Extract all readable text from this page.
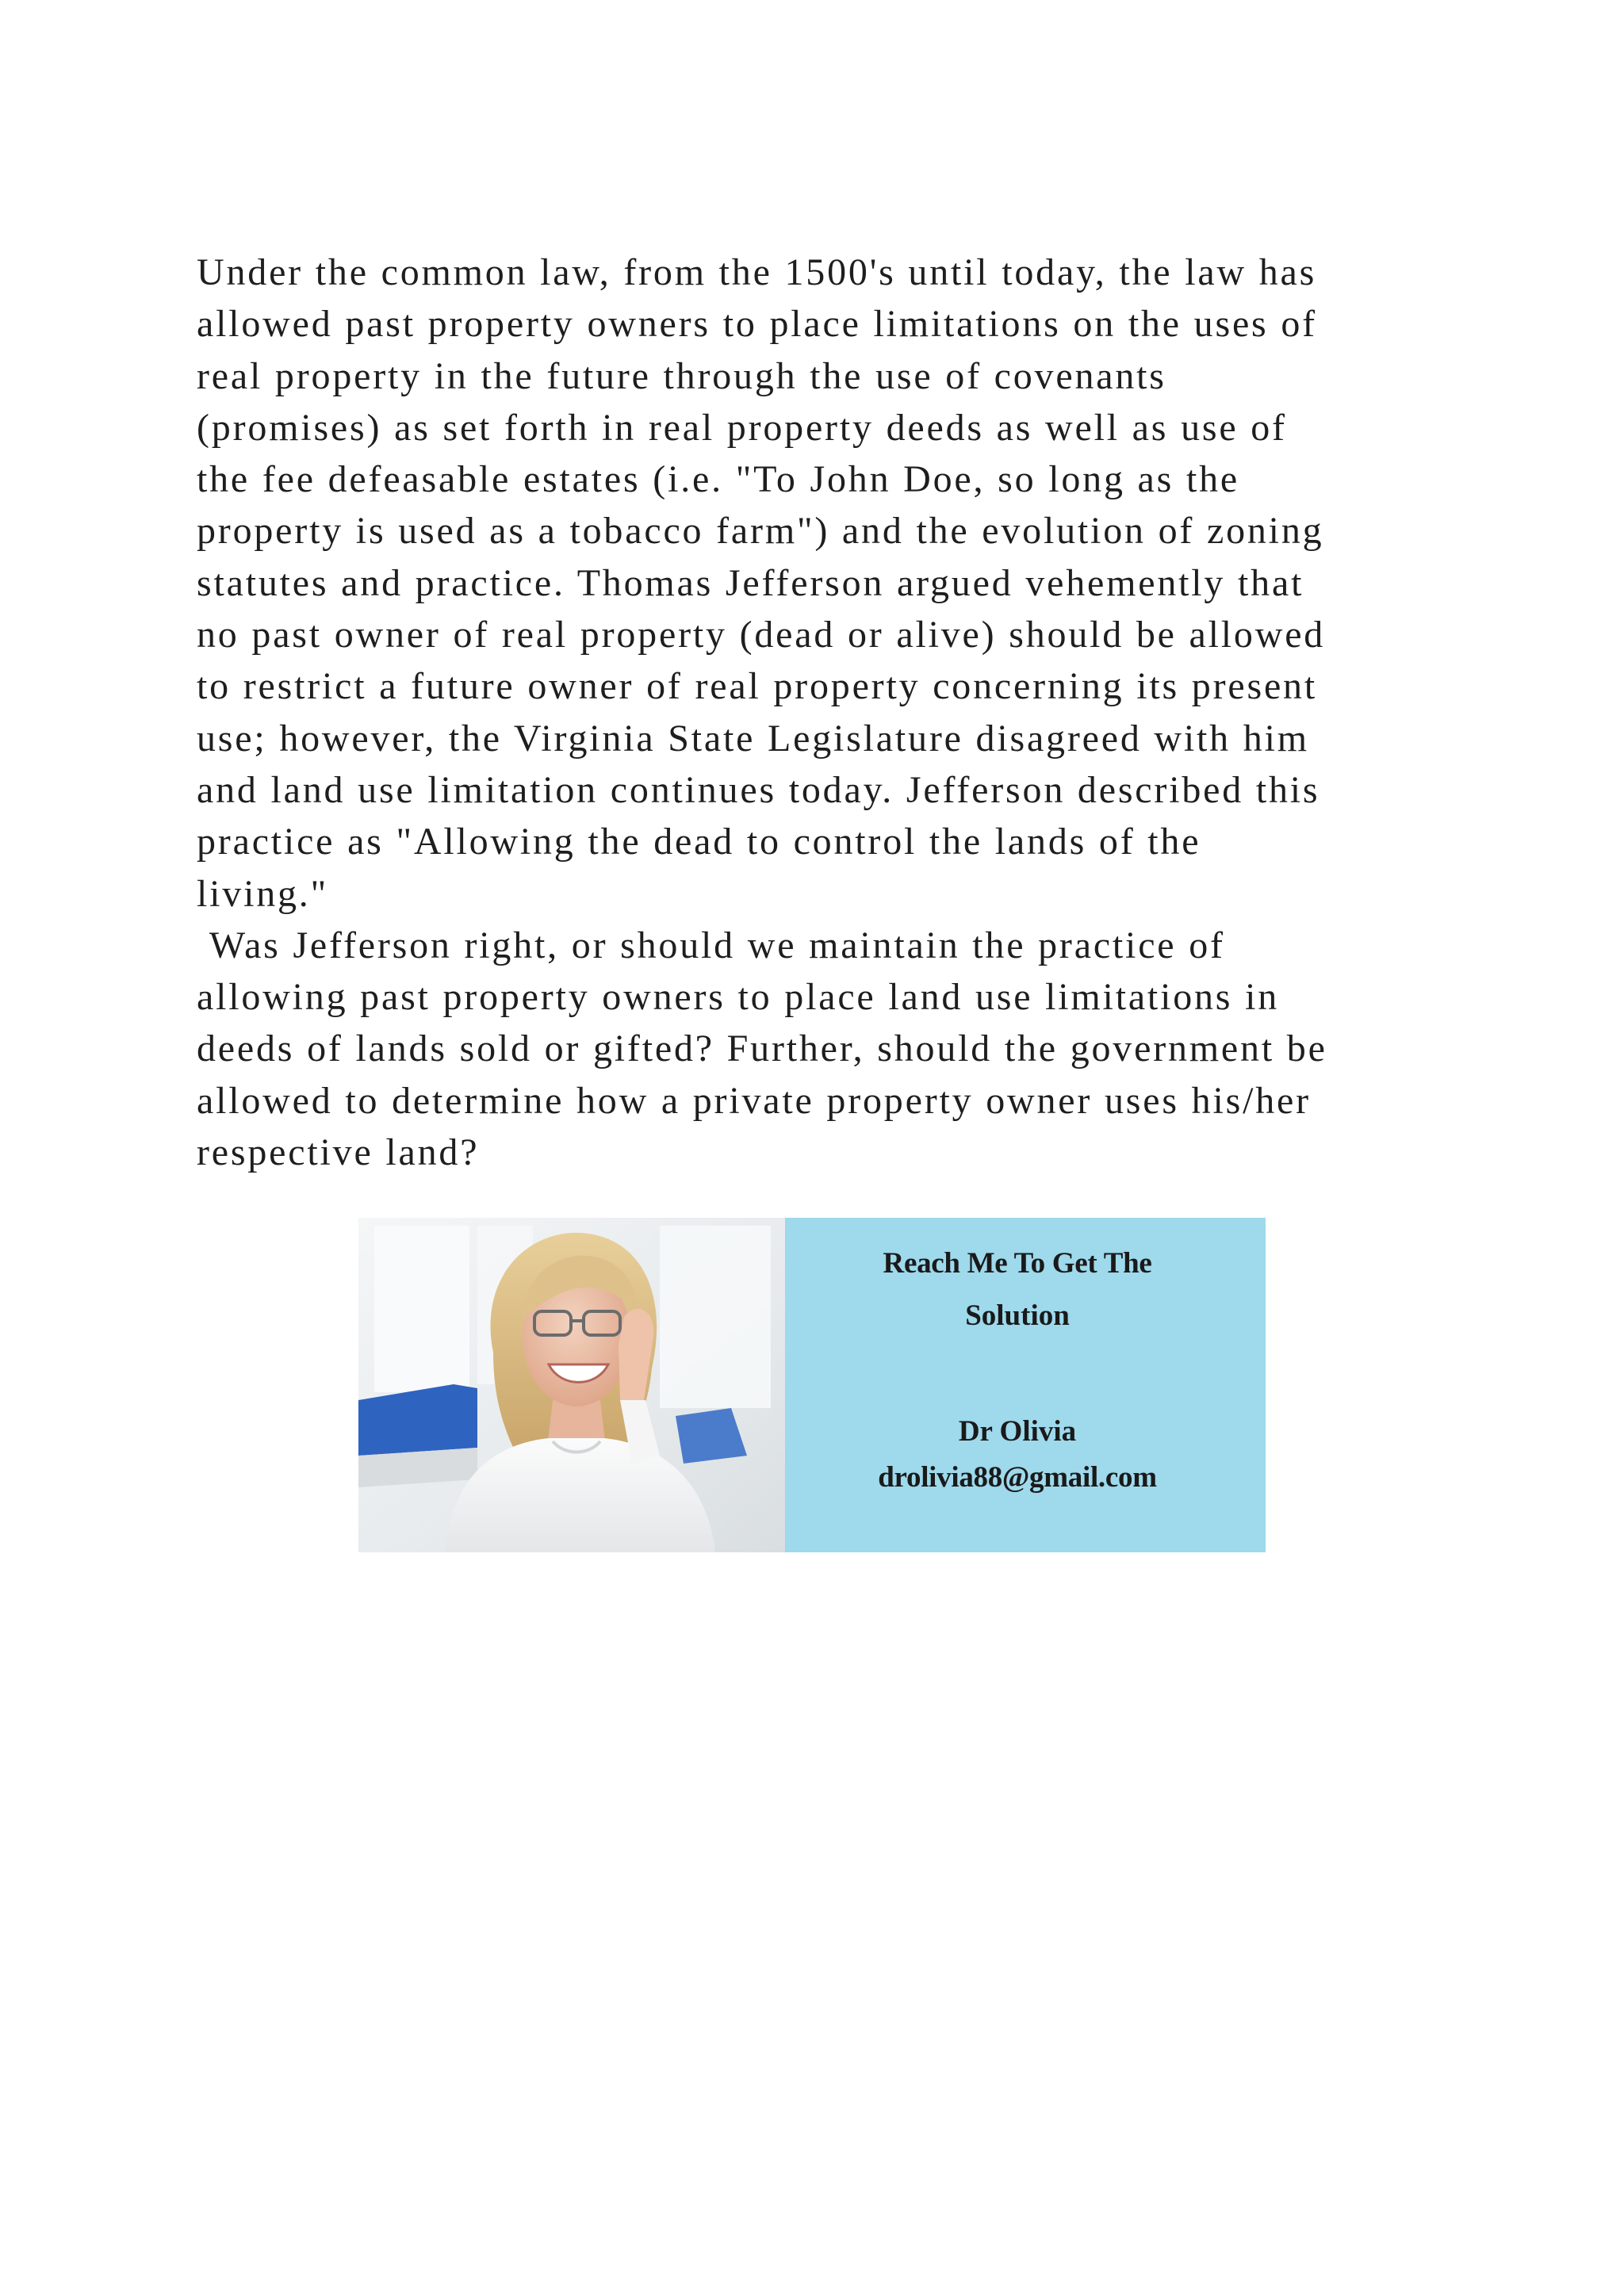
Under the common law, from the 1500's until today, the law has
allowed past property owners to place limitations on the uses of
real property in the future through the use of covenants
(promises) as set forth in real property deeds as well as use of
the fee defeasable estates (i.e. "To John Doe, so long as the
property is used as a tobacco farm") and the evolution of zoning
statutes and practice. Thomas Jefferson argued vehemently that
no past owner of real property (dead or alive) should be allowed
to restrict a future owner of real property concerning its present
use; however, the Virginia State Legislature disagreed with him
and land use limitation continues today. Jefferson described this
practice as "Allowing the dead to control the lands of the
living."
Was Jefferson right, or should we maintain the practice of
allowing past property owners to place land use limitations in
deeds of lands sold or gifted? Further, should the government be
allowed to determine how a private property owner uses his/her
respective land?

Reach Me To Get The
Solution
Dr Olivia
drolivia88@gmail.com
